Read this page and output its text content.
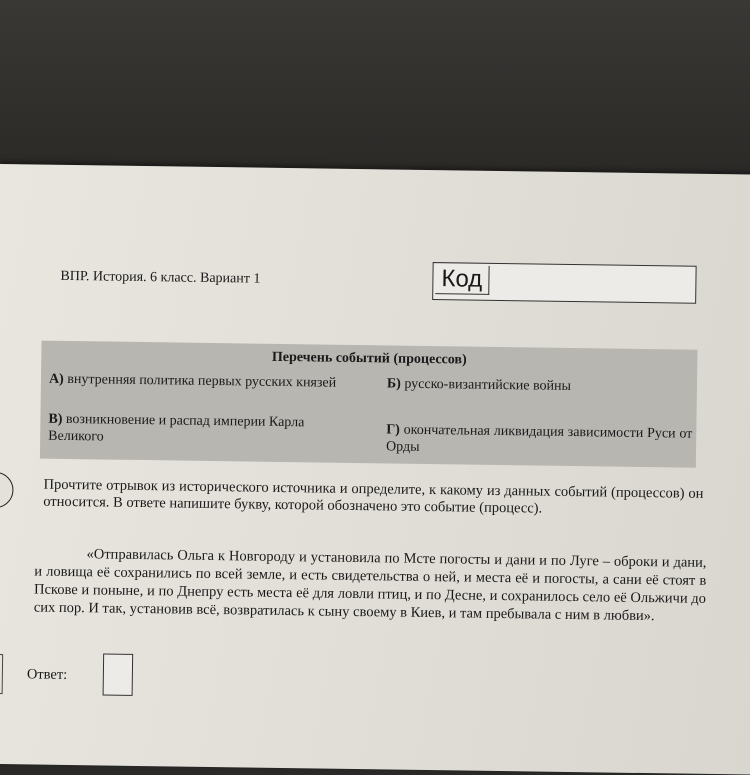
ВПР. История. 6 класс. Вариант 1	Код
Перечень событий (процессов)
А) внутренняя политика первых русских князей	Б) русско-византийские войны
В) возникновение и распад империи Карла Великого	Г) окончательная ликвидация зависимости Руси от Орды
Прочтите отрывок из исторического источника и определите, к какому из данных событий (процессов) он относится. В ответе напишите букву, которой обозначено это событие (процесс).
«Отправилась Ольга к Новгороду и установила по Мсте погосты и дани и по Луге – оброки и дани, и ловища её сохранились по всей земле, и есть свидетельства о ней, и места её и погосты, а сани её стоят в Пскове и поныне, и по Днепру есть места её для ловли птиц, и по Десне, и сохранилось село её Ольжичи до сих пор. И так, установив всё, возвратилась к сыну своему в Киев, и там пребывала с ним в любви».
Ответ:
